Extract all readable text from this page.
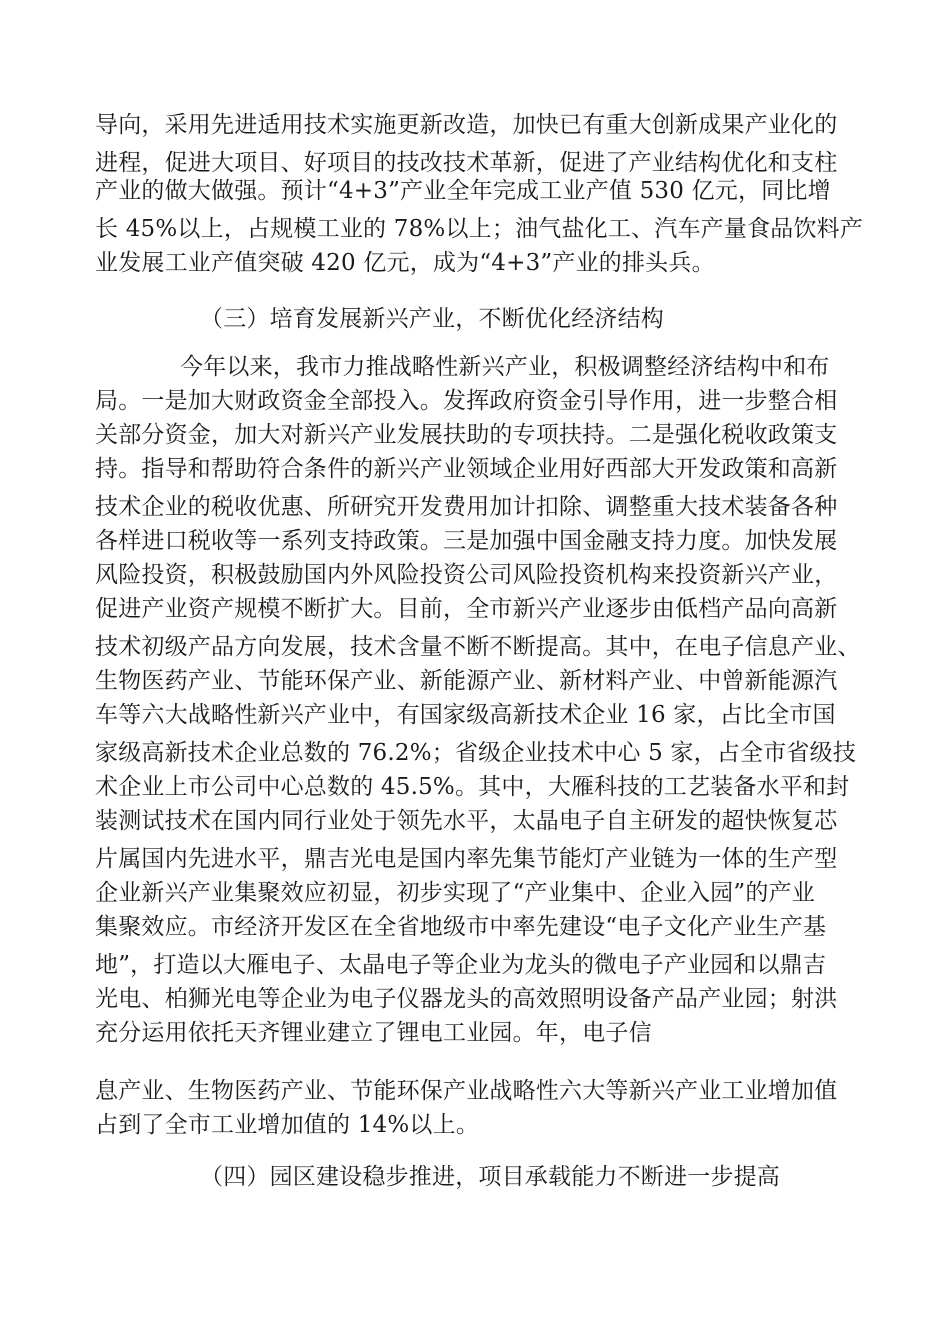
导向，采用先进适用技术实施更新改造，加快已有重大创新成果产业化的
进程，促进大项目、好项目的技改技术革新，促进了产业结构优化和支柱
产业的做大做强。预计“4+3”产业全年完成工业产值 530 亿元，同比增
长 45%以上，占规模工业的 78%以上；油气盐化工、汽车产量食品饮料产
业发展工业产值突破 420 亿元，成为“4+3”产业的排头兵。
（三）培育发展新兴产业，不断优化经济结构
今年以来，我市力推战略性新兴产业，积极调整经济结构中和布
局。一是加大财政资金全部投入。发挥政府资金引导作用，进一步整合相
关部分资金，加大对新兴产业发展扶助的专项扶持。二是强化税收政策支
持。指导和帮助符合条件的新兴产业领域企业用好西部大开发政策和高新
技术企业的税收优惠、所研究开发费用加计扣除、调整重大技术装备各种
各样进口税收等一系列支持政策。三是加强中国金融支持力度。加快发展
风险投资，积极鼓励国内外风险投资公司风险投资机构来投资新兴产业，
促进产业资产规模不断扩大。目前，全市新兴产业逐步由低档产品向高新
技术初级产品方向发展，技术含量不断不断提高。其中，在电子信息产业、
生物医药产业、节能环保产业、新能源产业、新材料产业、中曾新能源汽
车等六大战略性新兴产业中，有国家级高新技术企业 16 家，占比全市国
家级高新技术企业总数的 76.2%；省级企业技术中心 5 家，占全市省级技
术企业上市公司中心总数的 45.5%。其中，大雁科技的工艺装备水平和封
装测试技术在国内同行业处于领先水平，太晶电子自主研发的超快恢复芯
片属国内先进水平，鼎吉光电是国内率先集节能灯产业链为一体的生产型
企业新兴产业集聚效应初显，初步实现了“产业集中、企业入园”的产业
集聚效应。市经济开发区在全省地级市中率先建设“电子文化产业生产基
地”，打造以大雁电子、太晶电子等企业为龙头的微电子产业园和以鼎吉
光电、柏狮光电等企业为电子仪器龙头的高效照明设备产品产业园；射洪
充分运用依托天齐锂业建立了锂电工业园。年，电子信
息产业、生物医药产业、节能环保产业战略性六大等新兴产业工业增加值
占到了全市工业增加值的 14%以上。
（四）园区建设稳步推进，项目承载能力不断进一步提高
